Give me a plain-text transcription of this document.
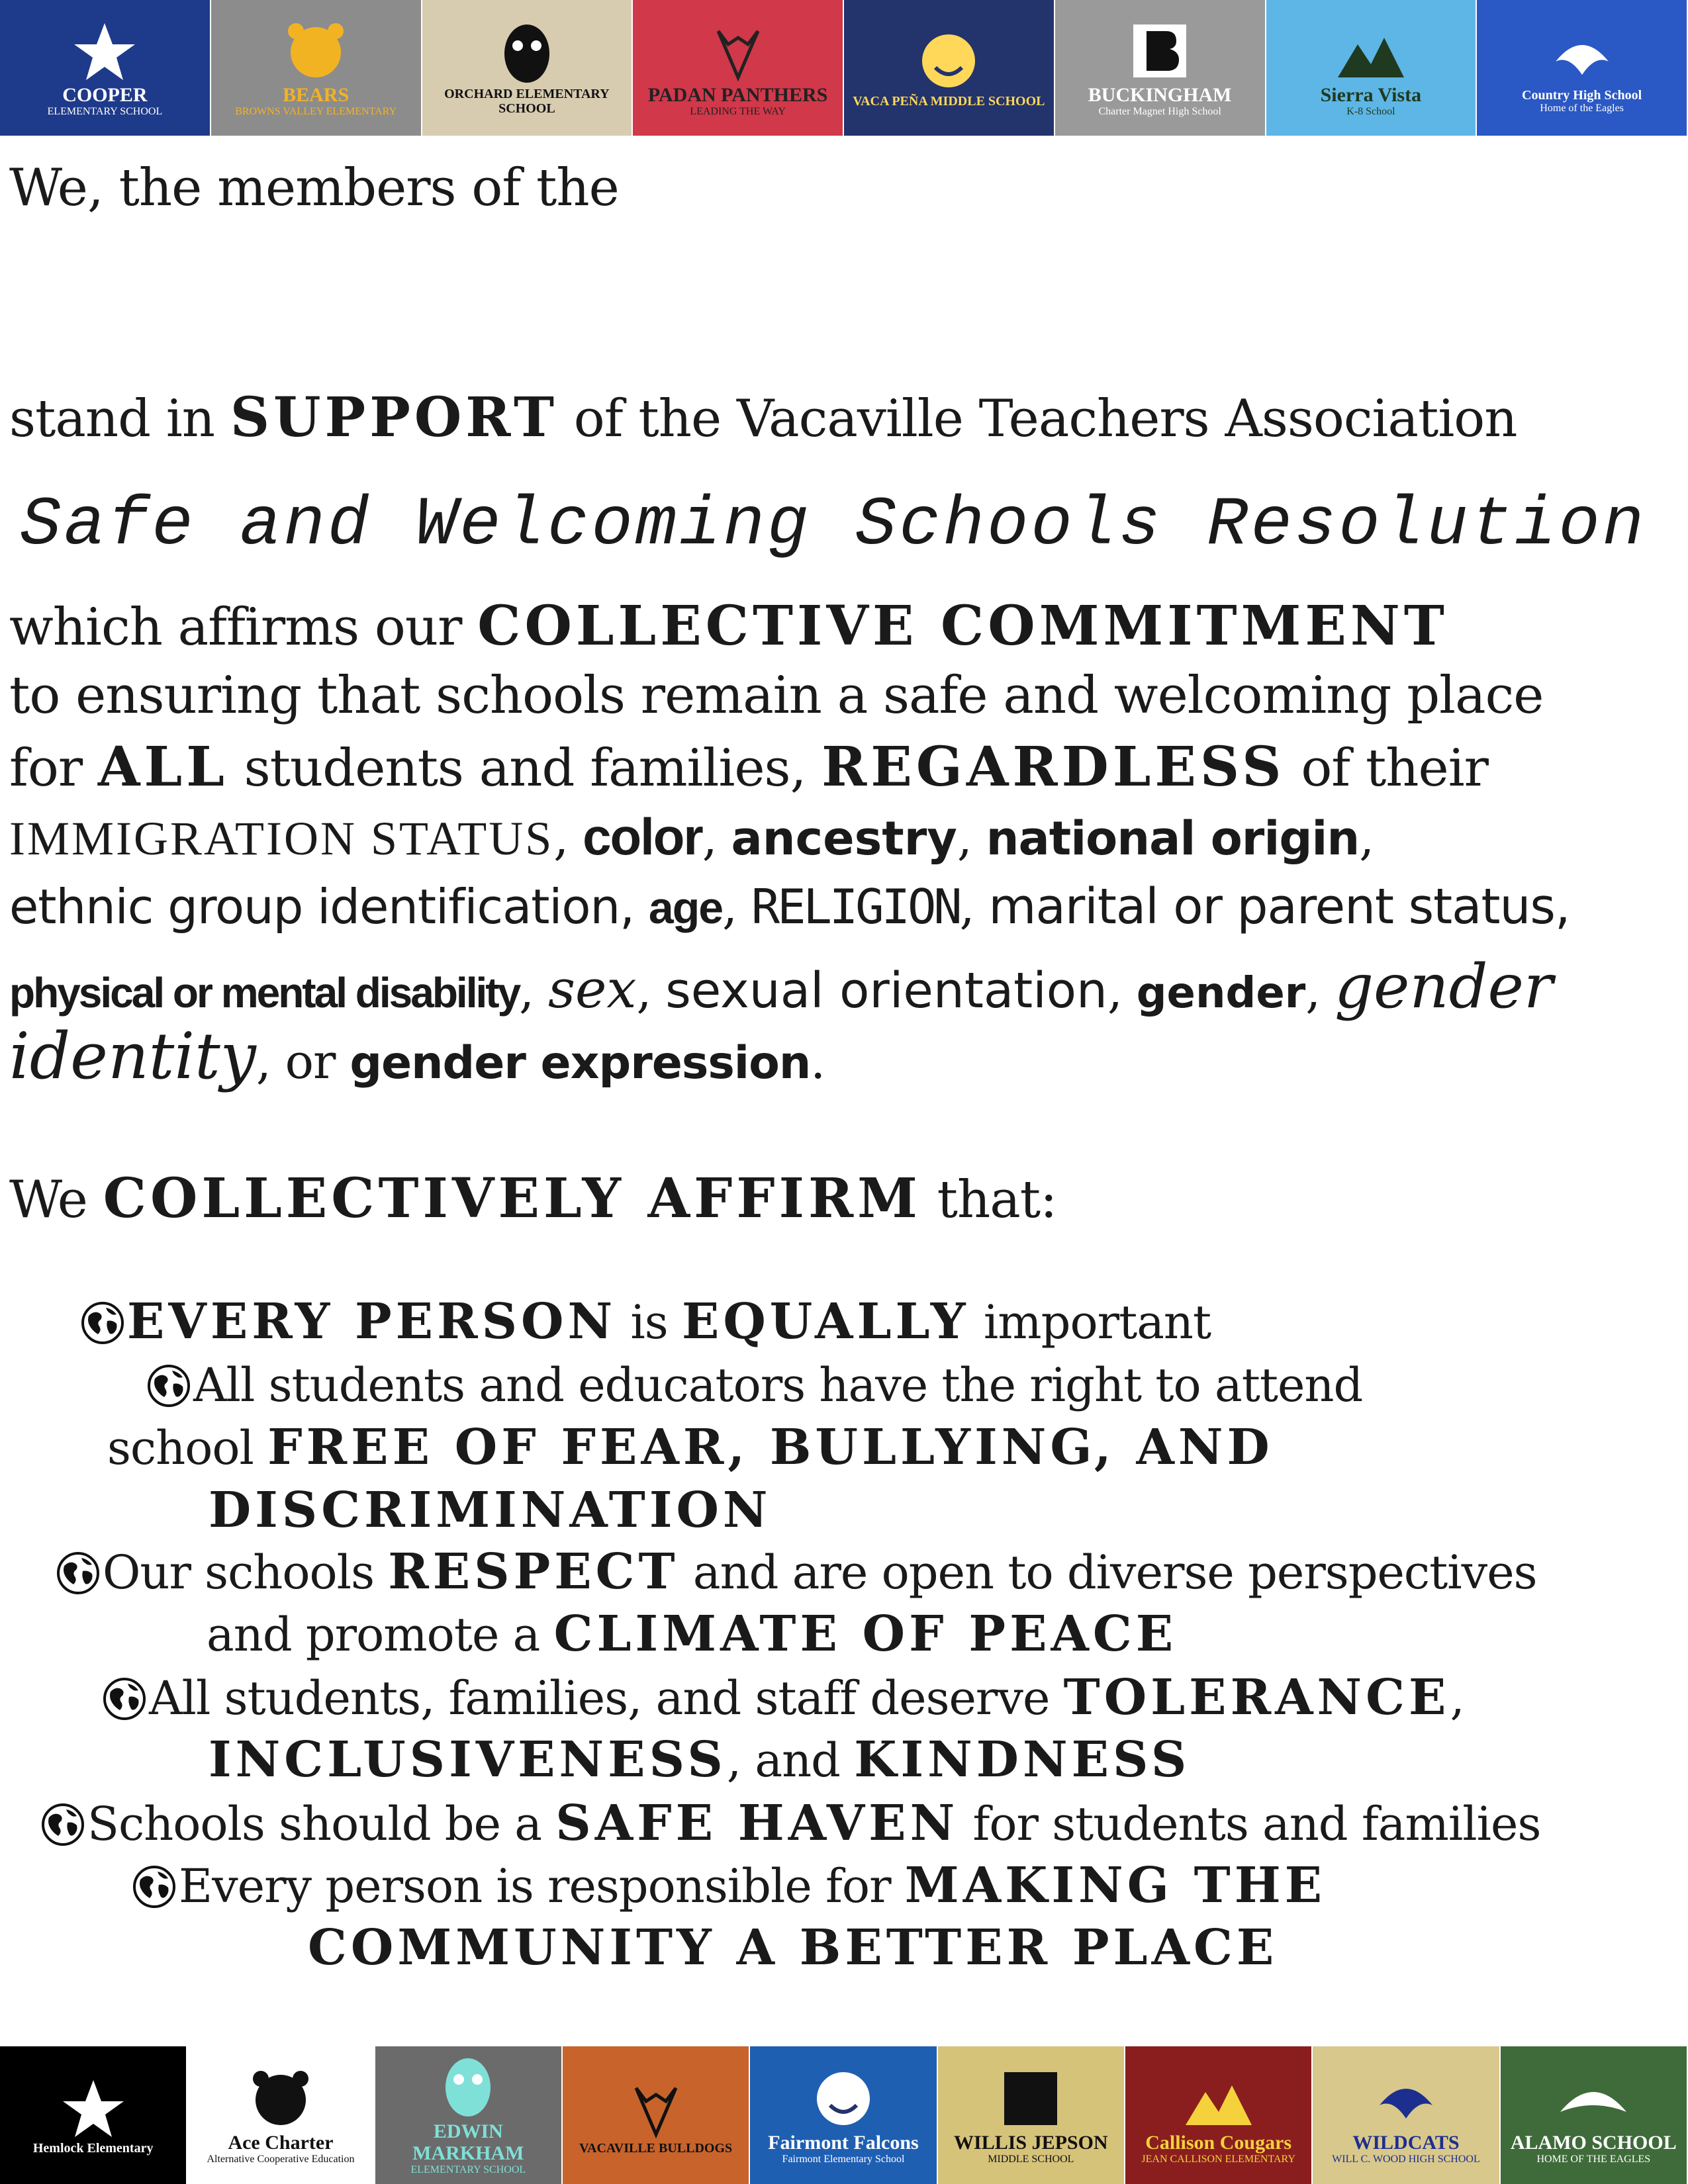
COOPER
ELEMENTARY SCHOOL
BEARS
BROWNS VALLEY ELEMENTARY
ORCHARD ELEMENTARY SCHOOL
PADAN PANTHERS
LEADING THE WAY
VACA PEÑA MIDDLE SCHOOL BUCKINGHAM
Charter Magnet High School
Sierra Vista
K-8 School
Country High School
Home of the Eagles
We, the members of the
stand in SUPPORT of the Vacaville Teachers Association
Safe and Welcoming Schools Resolution
which affirms our COLLECTIVE COMMITMENT
to ensuring that schools remain a safe and welcoming place
for ALL students and families, REGARDLESS of their
IMMIGRATION STATUS, color, ancestry, national origin,
ethnic group identification, age, RELIGION, marital or parent status,
physical or mental disability, sex, sexual orientation, gender, gender
identity, or gender expression.
We COLLECTIVELY AFFIRM that:
EVERY PERSON is EQUALLY important
All students and educators have the right to attend
school FREE OF FEAR, BULLYING, AND
DISCRIMINATION
Our schools RESPECT and are open to diverse perspectives
and promote a CLIMATE OF PEACE
All students, families, and staff deserve TOLERANCE,
INCLUSIVENESS, and KINDNESS
Schools should be a SAFE HAVEN for students and families
Every person is responsible for MAKING THE
COMMUNITY A BETTER PLACE
Hemlock Elementary	Ace Charter
Alternative Cooperative Education
EDWIN MARKHAM
ELEMENTARY SCHOOL
VACAVILLE BULLDOGS Fairmont Falcons
Fairmont Elementary School
WILLIS JEPSON
MIDDLE SCHOOL
Callison Cougars
JEAN CALLISON ELEMENTARY
WILDCATS
WILL C. WOOD HIGH SCHOOL
ALAMO SCHOOL
HOME OF THE EAGLES
